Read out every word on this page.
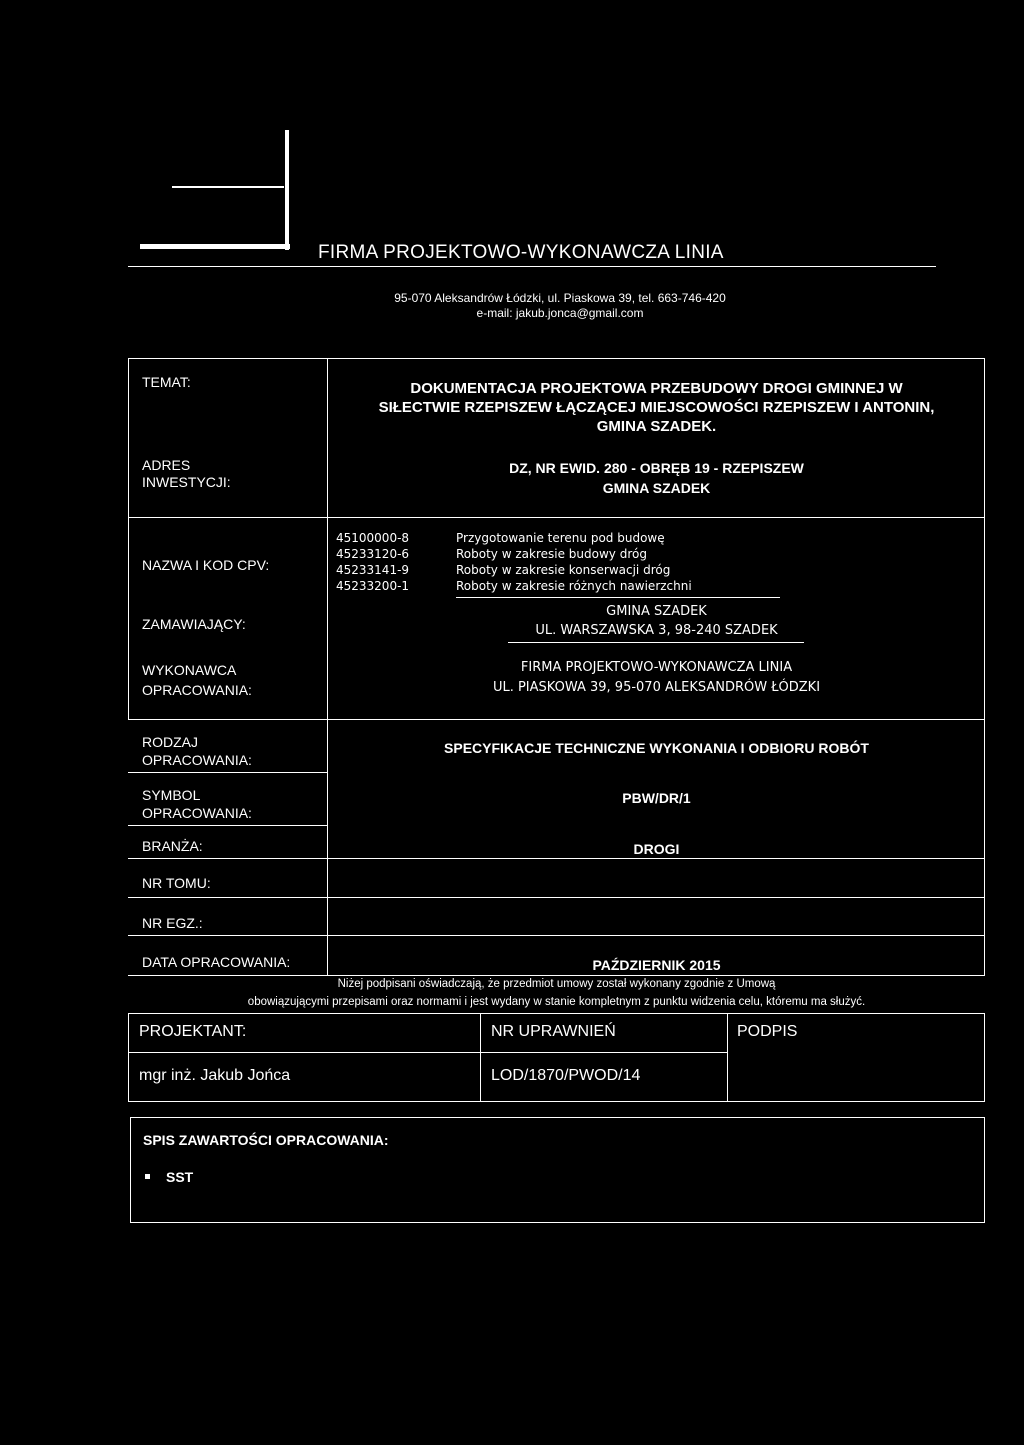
FIRMA PROJEKTOWO-WYKONAWCZA LINIA
95-070 Aleksandrów Łódzki, ul. Piaskowa 39, tel. 663-746-420
e-mail: jakub.jonca@gmail.com
TEMAT:	DOKUMENTACJA PROJEKTOWA PRZEBUDOWY DROGI GMINNEJ W
SIŁECTWIE RZEPISZEW ŁĄCZĄCEJ MIEJSCOWOŚCI RZEPISZEW I ANTONIN,
GMINA SZADEK.
ADRES
INWESTYCJI:
DZ, NR EWID. 280 - OBRĘB 19 - RZEPISZEW
GMINA SZADEK
NAZWA I KOD CPV:
45100000-8	Przygotowanie terenu pod budowę
45233120-6	Roboty w zakresie budowy dróg
45233141-9	Roboty w zakresie konserwacji dróg
45233200-1	Roboty w zakresie różnych nawierzchni
ZAMAWIAJĄCY:
GMINA SZADEK
UL. WARSZAWSKA 3, 98-240 SZADEK
WYKONAWCA
OPRACOWANIA:
FIRMA PROJEKTOWO-WYKONAWCZA LINIA
UL. PIASKOWA 39, 95-070 ALEKSANDRÓW ŁÓDZKI
RODZAJ
OPRACOWANIA:
SPECYFIKACJE TECHNICZNE WYKONANIA I ODBIORU ROBÓT
SYMBOL
OPRACOWANIA:
PBW/DR/1
BRANŻA:	DROGI
NR TOMU:
NR EGZ.:
DATA OPRACOWANIA:	PAŹDZIERNIK 2015
Niżej podpisani oświadczają, że przedmiot umowy został wykonany zgodnie z Umową
obowiązującymi przepisami oraz normami i jest wydany w stanie kompletnym z punktu widzenia celu, któremu ma służyć.
PROJEKTANT:	NR UPRAWNIEŃ	PODPIS
mgr inż. Jakub Jońca	LOD/1870/PWOD/14
SPIS ZAWARTOŚCI OPRACOWANIA:
SST
